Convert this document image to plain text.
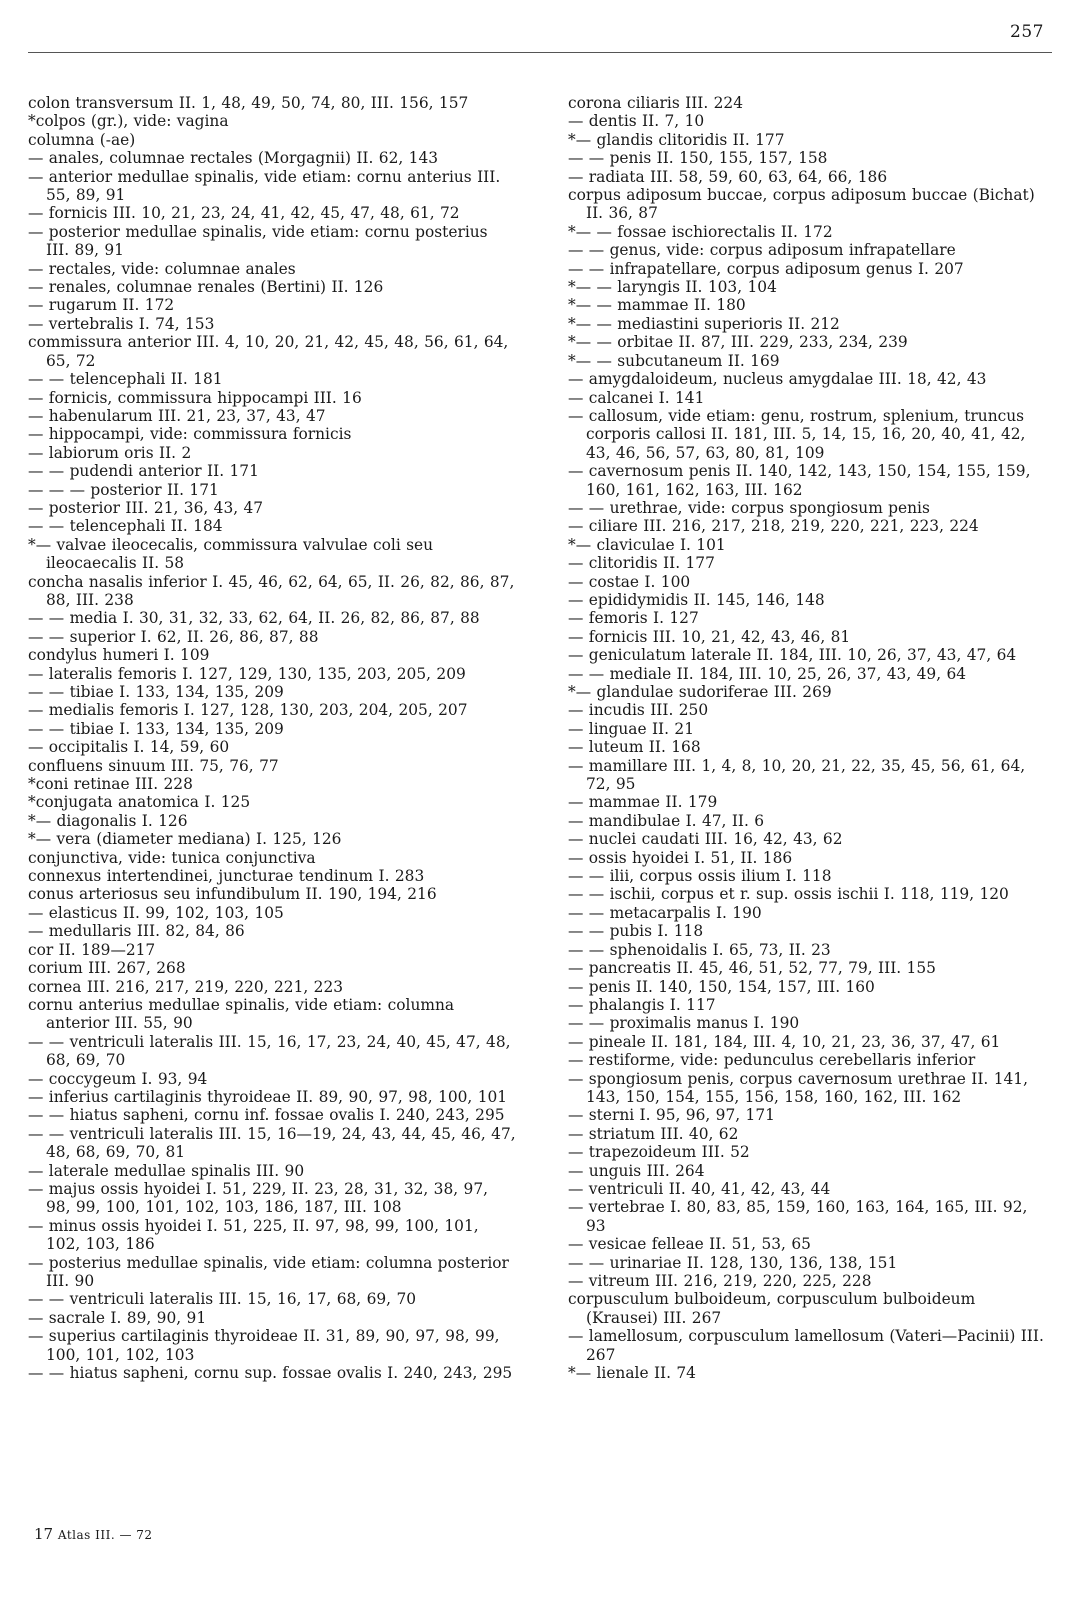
257
colon transversum II. 1, 48, 49, 50, 74, 80, III. 156, 157
*colpos (gr.), vide: vagina
columna (-ae)
— anales, columnae rectales (Morgagnii) II. 62, 143
— anterior medullae spinalis, vide etiam: cornu anterius III. 55, 89, 91
— fornicis III. 10, 21, 23, 24, 41, 42, 45, 47, 48, 61, 72
— posterior medullae spinalis, vide etiam: cornu posterius III. 89, 91
— rectales, vide: columnae anales
— renales, columnae renales (Bertini) II. 126
— rugarum II. 172
— vertebralis I. 74, 153
commissura anterior III. 4, 10, 20, 21, 42, 45, 48, 56, 61, 64, 65, 72
— — telencephali II. 181
— fornicis, commissura hippocampi III. 16
— habenularum III. 21, 23, 37, 43, 47
— hippocampi, vide: commissura fornicis
— labiorum oris II. 2
— — pudendi anterior II. 171
— — — posterior II. 171
— posterior III. 21, 36, 43, 47
— — telencephali II. 184
*— valvae ileocecalis, commissura valvulae coli seu ileocaecalis II. 58
concha nasalis inferior I. 45, 46, 62, 64, 65, II. 26, 82, 86, 87, 88, III. 238
— — media I. 30, 31, 32, 33, 62, 64, II. 26, 82, 86, 87, 88
— — superior I. 62, II. 26, 86, 87, 88
condylus humeri I. 109
— lateralis femoris I. 127, 129, 130, 135, 203, 205, 209
— — tibiae I. 133, 134, 135, 209
— medialis femoris I. 127, 128, 130, 203, 204, 205, 207
— — tibiae I. 133, 134, 135, 209
— occipitalis I. 14, 59, 60
confluens sinuum III. 75, 76, 77
*coni retinae III. 228
*conjugata anatomica I. 125
*— diagonalis I. 126
*— vera (diameter mediana) I. 125, 126
conjunctiva, vide: tunica conjunctiva
connexus intertendinei, juncturae tendinum I. 283
conus arteriosus seu infundibulum II. 190, 194, 216
— elasticus II. 99, 102, 103, 105
— medullaris III. 82, 84, 86
cor II. 189—217
corium III. 267, 268
cornea III. 216, 217, 219, 220, 221, 223
cornu anterius medullae spinalis, vide etiam: columna anterior III. 55, 90
— — ventriculi lateralis III. 15, 16, 17, 23, 24, 40, 45, 47, 48, 68, 69, 70
— coccygeum I. 93, 94
— inferius cartilaginis thyroideae II. 89, 90, 97, 98, 100, 101
— — hiatus sapheni, cornu inf. fossae ovalis I. 240, 243, 295
— — ventriculi lateralis III. 15, 16—19, 24, 43, 44, 45, 46, 47, 48, 68, 69, 70, 81
— laterale medullae spinalis III. 90
— majus ossis hyoidei I. 51, 229, II. 23, 28, 31, 32, 38, 97, 98, 99, 100, 101, 102, 103, 186, 187, III. 108
— minus ossis hyoidei I. 51, 225, II. 97, 98, 99, 100, 101, 102, 103, 186
— posterius medullae spinalis, vide etiam: columna posterior III. 90
— — ventriculi lateralis III. 15, 16, 17, 68, 69, 70
— sacrale I. 89, 90, 91
— superius cartilaginis thyroideae II. 31, 89, 90, 97, 98, 99, 100, 101, 102, 103
— — hiatus sapheni, cornu sup. fossae ovalis I. 240, 243, 295
corona ciliaris III. 224
— dentis II. 7, 10
*— glandis clitoridis II. 177
— — penis II. 150, 155, 157, 158
— radiata III. 58, 59, 60, 63, 64, 66, 186
corpus adiposum buccae, corpus adiposum buccae (Bichat) II. 36, 87
*— — fossae ischiorectalis II. 172
— — genus, vide: corpus adiposum infrapatellare
— — infrapatellare, corpus adiposum genus I. 207
*— — laryngis II. 103, 104
*— — mammae II. 180
*— — mediastini superioris II. 212
*— — orbitae II. 87, III. 229, 233, 234, 239
*— — subcutaneum II. 169
— amygdaloideum, nucleus amygdalae III. 18, 42, 43
— calcanei I. 141
— callosum, vide etiam: genu, rostrum, splenium, truncus corporis callosi II. 181, III. 5, 14, 15, 16, 20, 40, 41, 42, 43, 46, 56, 57, 63, 80, 81, 109
— cavernosum penis II. 140, 142, 143, 150, 154, 155, 159, 160, 161, 162, 163, III. 162
— — urethrae, vide: corpus spongiosum penis
— ciliare III. 216, 217, 218, 219, 220, 221, 223, 224
*— claviculae I. 101
— clitoridis II. 177
— costae I. 100
— epididymidis II. 145, 146, 148
— femoris I. 127
— fornicis III. 10, 21, 42, 43, 46, 81
— geniculatum laterale II. 184, III. 10, 26, 37, 43, 47, 64
— — mediale II. 184, III. 10, 25, 26, 37, 43, 49, 64
*— glandulae sudoriferae III. 269
— incudis III. 250
— linguae II. 21
— luteum II. 168
— mamillare III. 1, 4, 8, 10, 20, 21, 22, 35, 45, 56, 61, 64, 72, 95
— mammae II. 179
— mandibulae I. 47, II. 6
— nuclei caudati III. 16, 42, 43, 62
— ossis hyoidei I. 51, II. 186
— — ilii, corpus ossis ilium I. 118
— — ischii, corpus et r. sup. ossis ischii I. 118, 119, 120
— — metacarpalis I. 190
— — pubis I. 118
— — sphenoidalis I. 65, 73, II. 23
— pancreatis II. 45, 46, 51, 52, 77, 79, III. 155
— penis II. 140, 150, 154, 157, III. 160
— phalangis I. 117
— — proximalis manus I. 190
— pineale II. 181, 184, III. 4, 10, 21, 23, 36, 37, 47, 61
— restiforme, vide: pedunculus cerebellaris inferior
— spongiosum penis, corpus cavernosum urethrae II. 141, 143, 150, 154, 155, 156, 158, 160, 162, III. 162
— sterni I. 95, 96, 97, 171
— striatum III. 40, 62
— trapezoideum III. 52
— unguis III. 264
— ventriculi II. 40, 41, 42, 43, 44
— vertebrae I. 80, 83, 85, 159, 160, 163, 164, 165, III. 92, 93
— vesicae felleae II. 51, 53, 65
— — urinariae II. 128, 130, 136, 138, 151
— vitreum III. 216, 219, 220, 225, 228
corpusculum bulboideum, corpusculum bulboideum (Krausei) III. 267
— lamellosum, corpusculum lamellosum (Vateri—Pacinii) III. 267
*— lienale II. 74
17 Atlas III. — 72
